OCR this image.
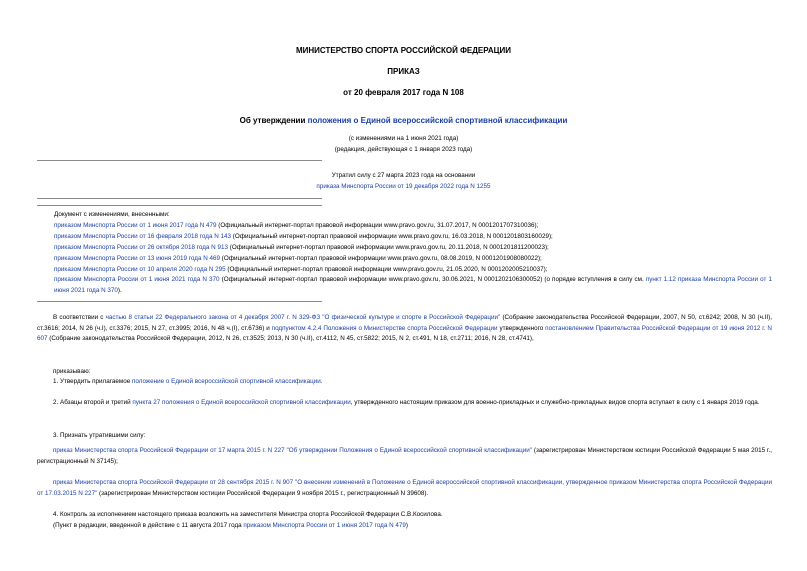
МИНИСТЕРСТВО СПОРТА РОССИЙСКОЙ ФЕДЕРАЦИИ
ПРИКАЗ
от 20 февраля 2017 года N 108
Об утверждении положения о Единой всероссийской спортивной классификации
(с изменениями на 1 июня 2021 года)
(редакция, действующая с 1 января 2023 года)
Утратил силу с 27 марта 2023 года на основании
приказа Минспорта России от 19 декабря 2022 года N 1255
Документ с изменениями, внесенными:
приказом Минспорта России от 1 июня 2017 года N 479 (Официальный интернет-портал правовой информации www.pravo.gov.ru, 31.07.2017, N 0001201707310036);
приказом Минспорта России от 16 февраля 2018 года N 143 (Официальный интернет-портал правовой информации www.pravo.gov.ru, 16.03.2018, N 0001201803160029);
приказом Минспорта России от 26 октября 2018 года N 913 (Официальный интернет-портал правовой информации www.pravo.gov.ru, 20.11.2018, N 0001201811200023);
приказом Минспорта России от 13 июня 2019 года N 469 (Официальный интернет-портал правовой информации www.pravo.gov.ru, 08.08.2019, N 0001201908080022);
приказом Минспорта России от 10 апреля 2020 года N 295 (Официальный интернет-портал правовой информации www.pravo.gov.ru, 21.05.2020, N 0001202005210037);
приказом Минспорта России от 1 июня 2021 года N 370 (Официальный интернет-портал правовой информации www.pravo.gov.ru, 30.06.2021, N 0001202106300052) (о порядке вступления в силу см. пункт 1.12 приказа Минспорта России от 1 июня 2021 года N 370).
В соответствии с частью 8 статьи 22 Федерального закона от 4 декабря 2007 г. N 329-ФЗ "О физической культуре и спорте в Российской Федерации" (Собрание законодательства Российской Федерации, 2007, N 50, ст.6242; 2008, N 30 (ч.II), ст.3616; 2014, N 26 (ч.I), ст.3376; 2015, N 27, ст.3995; 2016, N 48 ч.(I), ст.6736) и подпунктом 4.2.4 Положения о Министерстве спорта Российской Федерации утвержденного постановлением Правительства Российской Федерации от 19 июня 2012 г. N 607 (Собрание законодательства Российской Федерации, 2012, N 26, ст.3525; 2013, N 30 (ч.II), ст.4112, N 45, ст.5822; 2015, N 2, ст.491, N 18, ст.2711; 2016, N 28, ст.4741),
приказываю:
1. Утвердить прилагаемое положение о Единой всероссийской спортивной классификации.
2. Абзацы второй и третий пункта 27 положения о Единой всероссийской спортивной классификации, утвержденного настоящим приказом для военно-прикладных и служебно-прикладных видов спорта вступает в силу с 1 января 2019 года.
3. Признать утратившими силу:
приказ Министерства спорта Российской Федерации от 17 марта 2015 г. N 227 "Об утверждении Положения о Единой всероссийской спортивной классификации" (зарегистрирован Министерством юстиции Российской Федерации 5 мая 2015 г., регистрационный N 37145);
приказ Министерства спорта Российской Федерации от 28 сентября 2015 г. N 907 "О внесении изменений в Положение о Единой всероссийской спортивной классификации, утвержденное приказом Министерства спорта Российской Федерации от 17.03.2015 N 227" (зарегистрирован Министерством юстиции Российской Федерации 9 ноября 2015 г., регистрационный N 39608).
4. Контроль за исполнением настоящего приказа возложить на заместителя Министра спорта Российской Федерации С.В.Косилова.
(Пункт в редакции, введенной в действие с 11 августа 2017 года приказом Минспорта России от 1 июня 2017 года N 479)
